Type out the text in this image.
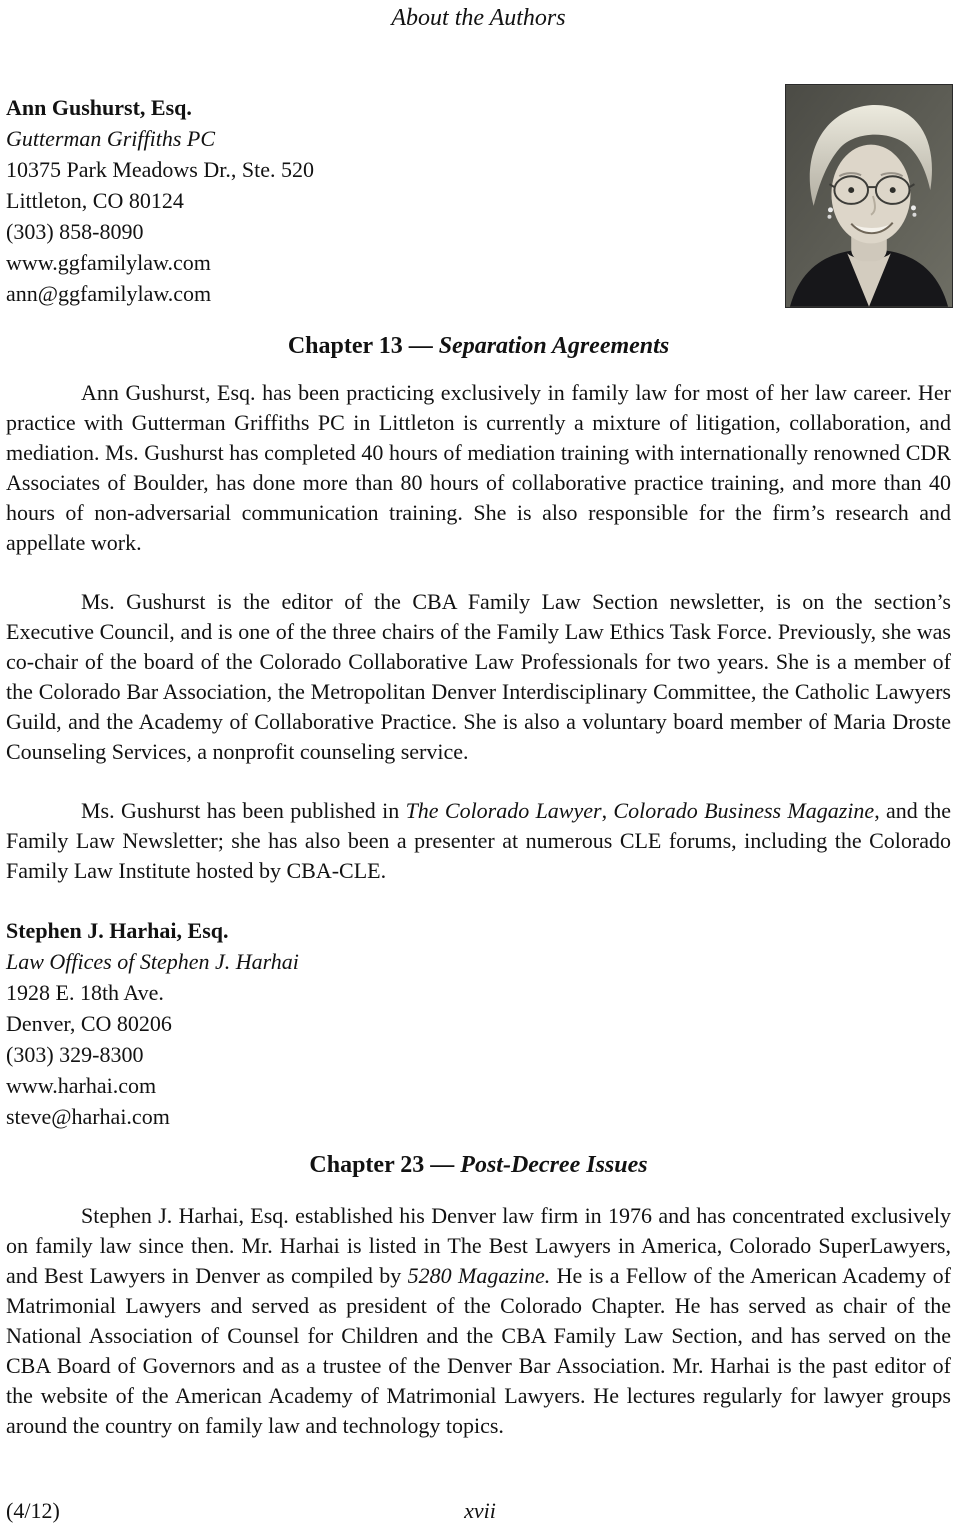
About the Authors
Ann Gushurst, Esq.
Gutterman Griffiths PC
10375 Park Meadows Dr., Ste. 520
Littleton, CO 80124
(303) 858-8090
www.ggfamilylaw.com
ann@ggfamilylaw.com
Chapter 13 — Separation Agreements

Ann Gushurst, Esq. has been practicing exclusively in family law for most of her law career. Her practice with Gutterman Griffiths PC in Littleton is currently a mixture of litigation, collaboration, and mediation. Ms. Gushurst has completed 40 hours of mediation training with internationally renowned CDR Associates of Boulder, has done more than 80 hours of collaborative practice training, and more than 40 hours of non-adversarial communication training. She is also responsible for the firm’s research and appellate work.

Ms. Gushurst is the editor of the CBA Family Law Section newsletter, is on the section’s Executive Council, and is one of the three chairs of the Family Law Ethics Task Force. Previously, she was co-chair of the board of the Colorado Collaborative Law Professionals for two years. She is a member of the Colorado Bar Association, the Metropolitan Denver Interdisciplinary Committee, the Catholic Lawyers Guild, and the Academy of Collaborative Practice. She is also a voluntary board member of Maria Droste Counseling Services, a nonprofit counseling service.

Ms. Gushurst has been published in The Colorado Lawyer, Colorado Business Magazine, and the Family Law Newsletter; she has also been a presenter at numerous CLE forums, including the Colorado Family Law Institute hosted by CBA-CLE.

Stephen J. Harhai, Esq.
Law Offices of Stephen J. Harhai
1928 E. 18th Ave.
Denver, CO 80206
(303) 329-8300
www.harhai.com
steve@harhai.com
Chapter 23 — Post-Decree Issues

Stephen J. Harhai, Esq. established his Denver law firm in 1976 and has concentrated exclusively on family law since then. Mr. Harhai is listed in The Best Lawyers in America, Colorado SuperLawyers, and Best Lawyers in Denver as compiled by 5280 Magazine. He is a Fellow of the American Academy of Matrimonial Lawyers and served as president of the Colorado Chapter. He has served as chair of the National Association of Counsel for Children and the CBA Family Law Section, and has served on the CBA Board of Governors and as a trustee of the Denver Bar Association. Mr. Harhai is the past editor of the website of the American Academy of Matrimonial Lawyers. He lectures regularly for lawyer groups around the country on family law and technology topics.

(4/12)	xvii
